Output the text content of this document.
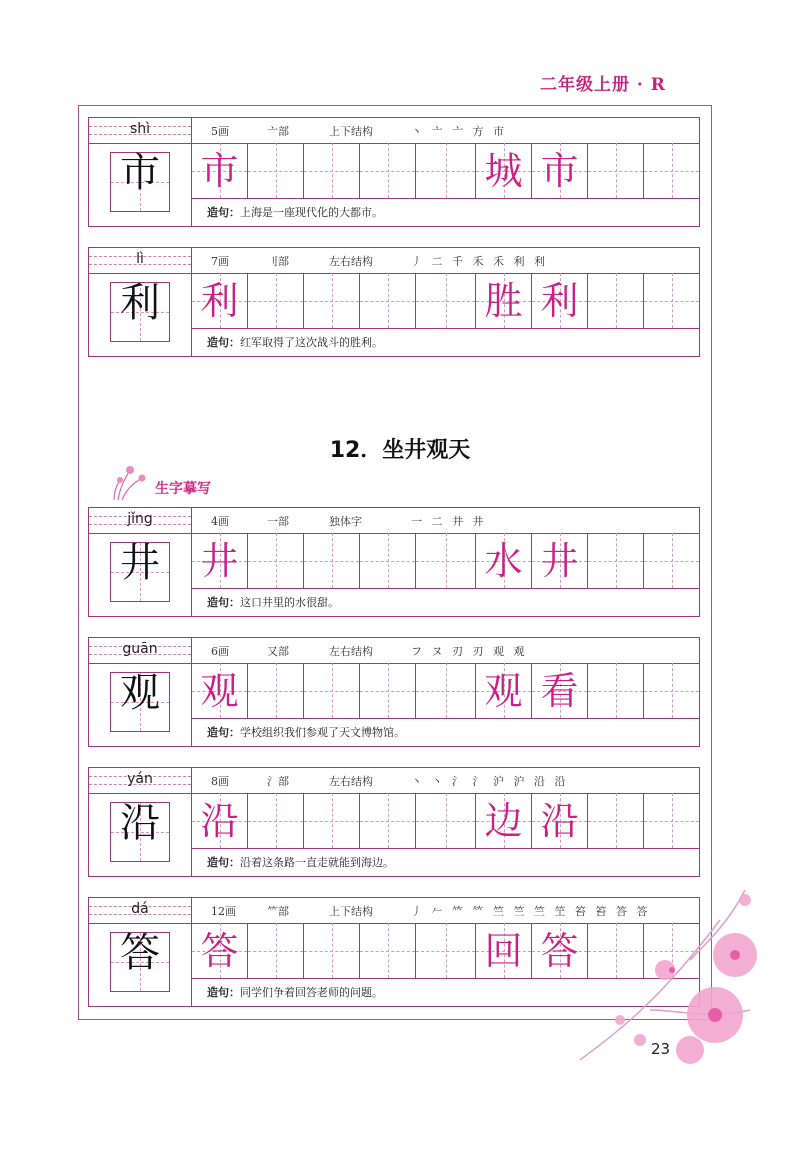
二年级上册 · R
shì	5画	亠部	上下结构	丶 亠 亠 方 市
市	市	城 市
造句：上海是一座现代化的大都市。
lì	7画	刂部	左右结构	丿 二 千 禾 禾 利 利
利	利	胜 利
造句：红军取得了这次战斗的胜利。
jǐng	4画	一部	独体字	一 二 井 井
井	井	水 井
造句：这口井里的水很甜。
guān	6画	又部	左右结构	フ ヌ 刃 刃 观 观
观	观	观 看
造句：学校组织我们参观了天文博物馆。
yán	8画	氵部	左右结构	丶 丶 氵 氵 沪 沪 沿 沿
沿	沿	边 沿
造句：沿着这条路一直走就能到海边。
dá	12画	⺮部	上下结构	丿 𠂉 𥫗 𥫗 竺 竺 竺 笁 笞 笞 答 答
答	答	回 答
造句：同学们争着回答老师的问题。
12．坐井观天
生字摹写
23
